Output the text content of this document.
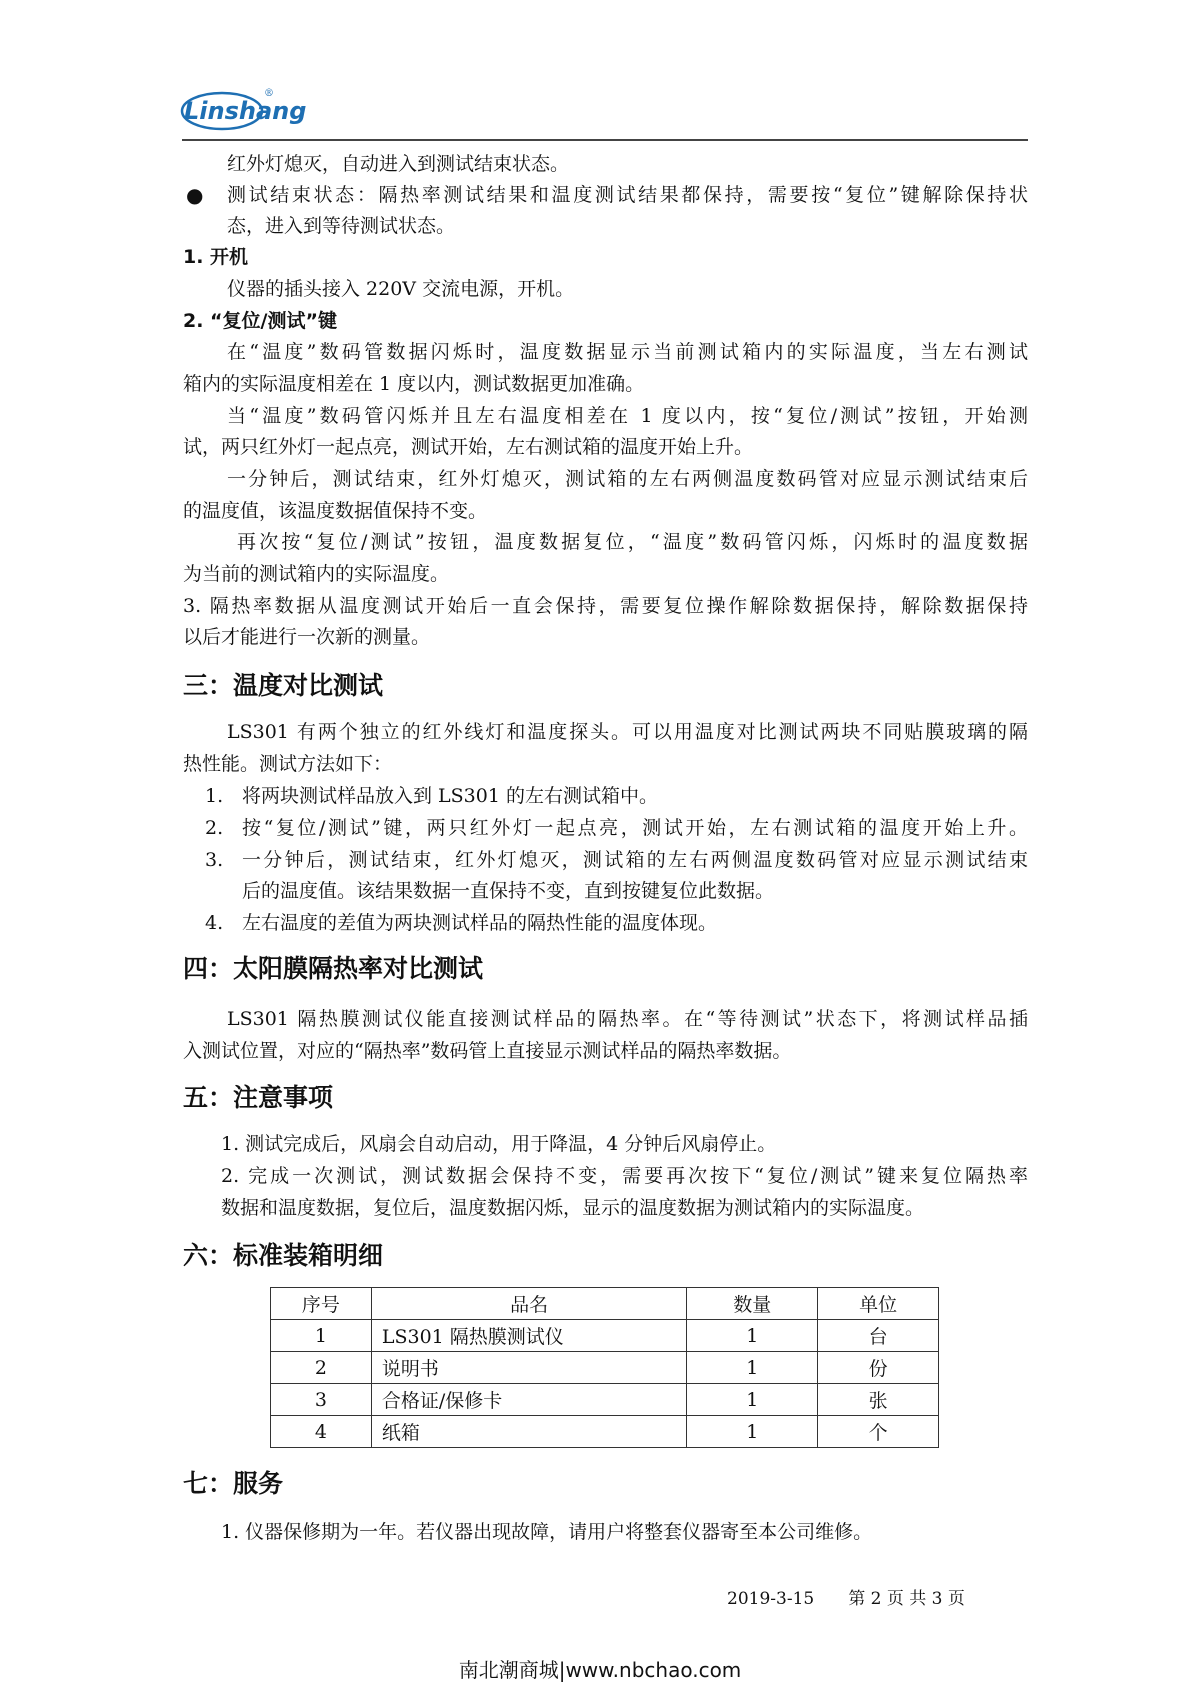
Linshang
®
红外灯熄灭，自动进入到测试结束状态。
● 测试结束状态：隔热率测试结果和温度测试结果都保持，需要按“复位”键解除保持状
态，进入到等待测试状态。
1. 开机
仪器的插头接入 220V 交流电源，开机。
2. “复位/测试”键
在“温度”数码管数据闪烁时，温度数据显示当前测试箱内的实际温度，当左右测试
箱内的实际温度相差在 1 度以内，测试数据更加准确。
当“温度”数码管闪烁并且左右温度相差在 1 度以内，按“复位/测试”按钮，开始测
试，两只红外灯一起点亮，测试开始，左右测试箱的温度开始上升。
一分钟后，测试结束，红外灯熄灭，测试箱的左右两侧温度数码管对应显示测试结束后
的温度值，该温度数据值保持不变。
再次按“复位/测试”按钮，温度数据复位，“温度”数码管闪烁，闪烁时的温度数据
为当前的测试箱内的实际温度。
3. 隔热率数据从温度测试开始后一直会保持，需要复位操作解除数据保持，解除数据保持
以后才能进行一次新的测量。
三：温度对比测试
LS301 有两个独立的红外线灯和温度探头。可以用温度对比测试两块不同贴膜玻璃的隔
热性能。测试方法如下：
1. 将两块测试样品放入到 LS301 的左右测试箱中。
2. 按“复位/测试”键，两只红外灯一起点亮，测试开始，左右测试箱的温度开始上升。
3. 一分钟后，测试结束，红外灯熄灭，测试箱的左右两侧温度数码管对应显示测试结束
后的温度值。该结果数据一直保持不变，直到按键复位此数据。
4. 左右温度的差值为两块测试样品的隔热性能的温度体现。
四：太阳膜隔热率对比测试
LS301 隔热膜测试仪能直接测试样品的隔热率。在“等待测试”状态下，将测试样品插
入测试位置，对应的“隔热率”数码管上直接显示测试样品的隔热率数据。
五：注意事项
1. 测试完成后，风扇会自动启动，用于降温，4 分钟后风扇停止。
2. 完成一次测试，测试数据会保持不变，需要再次按下“复位/测试”键来复位隔热率
数据和温度数据，复位后，温度数据闪烁，显示的温度数据为测试箱内的实际温度。
六：标准装箱明细
序号	品名	数量	单位
1	LS301 隔热膜测试仪	1	台
2	说明书	1	份
3	合格证/保修卡	1	张
4	纸箱	1	个
七：服务
1. 仪器保修期为一年。若仪器出现故障，请用户将整套仪器寄至本公司维修。
2019-3-15 第 2 页 共 3 页
南北潮商城|www.nbchao.com
